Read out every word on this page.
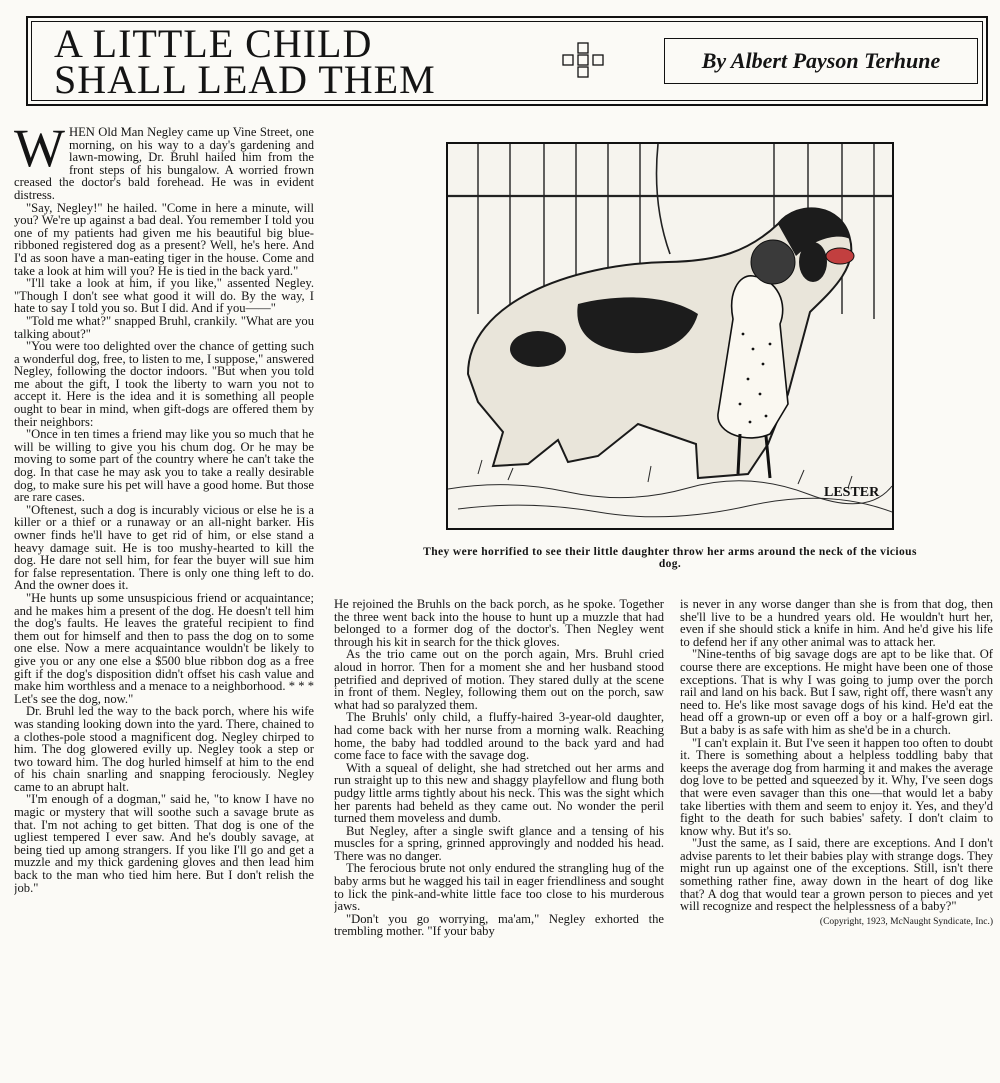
A LITTLE CHILD
SHALL LEAD THEM	By Albert Payson Terhune

WHEN Old Man Negley came up Vine Street, one morning, on his way to a day's gardening and lawn-mowing, Dr. Bruhl hailed him from the front steps of his bungalow. A worried frown creased the doctor's bald forehead. He was in evident distress.

"Say, Negley!" he hailed. "Come in here a minute, will you? We're up against a bad deal. You remember I told you one of my patients had given me his beautiful big blue-ribboned registered dog as a present? Well, he's here. And I'd as soon have a man-eating tiger in the house. Come and take a look at him will you? He is tied in the back yard."

"I'll take a look at him, if you like," assented Negley. "Though I don't see what good it will do. By the way, I hate to say I told you so. But I did. And if you——"

"Told me what?" snapped Bruhl, crankily. "What are you talking about?"

"You were too delighted over the chance of getting such a wonderful dog, free, to listen to me, I suppose," answered Negley, following the doctor indoors. "But when you told me about the gift, I took the liberty to warn you not to accept it. Here is the idea and it is something all people ought to bear in mind, when gift-dogs are offered them by their neighbors:

"Once in ten times a friend may like you so much that he will be willing to give you his chum dog. Or he may be moving to some part of the country where he can't take the dog. In that case he may ask you to take a really desirable dog, to make sure his pet will have a good home. But those are rare cases.

"Oftenest, such a dog is incurably vicious or else he is a killer or a thief or a runaway or an all-night barker. His owner finds he'll have to get rid of him, or else stand a heavy damage suit. He is too mushy-hearted to kill the dog. He dare not sell him, for fear the buyer will sue him for false representation. There is only one thing left to do. And the owner does it.

"He hunts up some unsuspicious friend or acquaintance; and he makes him a present of the dog. He doesn't tell him the dog's faults. He leaves the grateful recipient to find them out for himself and then to pass the dog on to some one else. Now a mere acquaintance wouldn't be likely to give you or any one else a $500 blue ribbon dog as a free gift if the dog's disposition didn't offset his cash value and make him worthless and a menace to a neighborhood. * * * Let's see the dog, now."

Dr. Bruhl led the way to the back porch, where his wife was standing looking down into the yard. There, chained to a clothes-pole stood a magnificent dog. Negley chirped to him. The dog glowered evilly up. Negley took a step or two toward him. The dog hurled himself at him to the end of his chain snarling and snapping ferociously. Negley came to an abrupt halt.

"I'm enough of a dogman," said he, "to know I have no magic or mystery that will soothe such a savage brute as that. I'm not aching to get bitten. That dog is one of the ugliest tempered I ever saw. And he's doubly savage, at being tied up among strangers. If you like I'll go and get a muzzle and my thick gardening gloves and then lead him back to the man who tied him here. But I don't relish the job."

LESTER
They were horrified to see their little daughter throw her arms around the neck of the vicious dog.

He rejoined the Bruhls on the back porch, as he spoke. Together the three went back into the house to hunt up a muzzle that had belonged to a former dog of the doctor's. Then Negley went through his kit in search for the thick gloves.

As the trio came out on the porch again, Mrs. Bruhl cried aloud in horror. Then for a moment she and her husband stood petrified and deprived of motion. They stared dully at the scene in front of them. Negley, following them out on the porch, saw what had so paralyzed them.

The Bruhls' only child, a fluffy-haired 3-year-old daughter, had come back with her nurse from a morning walk. Reaching home, the baby had toddled around to the back yard and had come face to face with the savage dog.

With a squeal of delight, she had stretched out her arms and run straight up to this new and shaggy playfellow and flung both pudgy little arms tightly about his neck. This was the sight which her parents had beheld as they came out. No wonder the peril turned them moveless and dumb.

But Negley, after a single swift glance and a tensing of his muscles for a spring, grinned approvingly and nodded his head. There was no danger.

The ferocious brute not only endured the strangling hug of the baby arms but he wagged his tail in eager friendliness and sought to lick the pink-and-white little face too close to his murderous jaws.

"Don't you go worrying, ma'am," Negley exhorted the trembling mother. "If your baby

is never in any worse danger than she is from that dog, then she'll live to be a hundred years old. He wouldn't hurt her, even if she should stick a knife in him. And he'd give his life to defend her if any other animal was to attack her.

"Nine-tenths of big savage dogs are apt to be like that. Of course there are exceptions. He might have been one of those exceptions. That is why I was going to jump over the porch rail and land on his back. But I saw, right off, there wasn't any need to. He's like most savage dogs of his kind. He'd eat the head off a grown-up or even off a boy or a half-grown girl. But a baby is as safe with him as she'd be in a church.

"I can't explain it. But I've seen it happen too often to doubt it. There is something about a helpless toddling baby that keeps the average dog from harming it and makes the average dog love to be petted and squeezed by it. Why, I've seen dogs that were even savager than this one—that would let a baby take liberties with them and seem to enjoy it. Yes, and they'd fight to the death for such babies' safety. I don't claim to know why. But it's so.

"Just the same, as I said, there are exceptions. And I don't advise parents to let their babies play with strange dogs. They might run up against one of the exceptions. Still, isn't there something rather fine, away down in the heart of dog like that? A dog that would tear a grown person to pieces and yet will recognize and respect the helplessness of a baby?"

(Copyright, 1923, McNaught Syndicate, Inc.)
